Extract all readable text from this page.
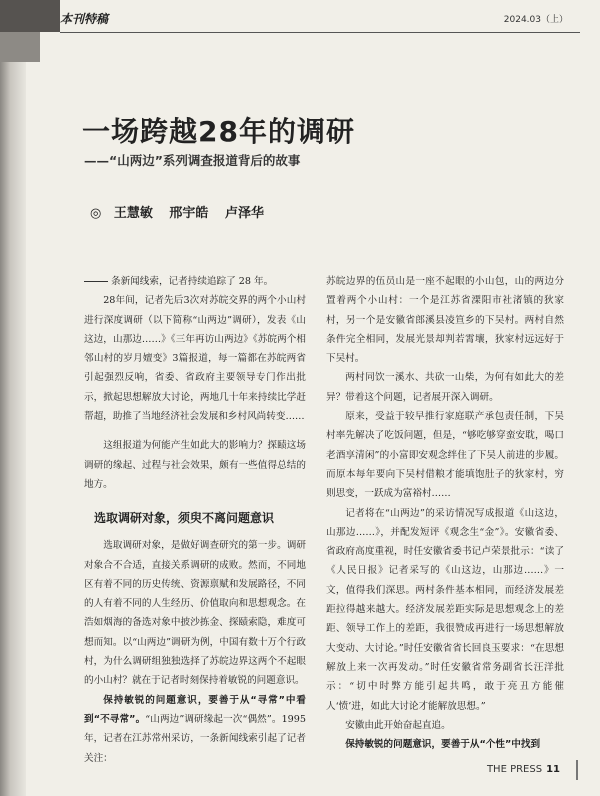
本刊特稿	2024.03（上）
一场跨越28年的调研
——“山两边”系列调查报道背后的故事
◎ 王慧敏 邢宇皓 卢泽华

条新闻线索，记者持续追踪了 28 年。

28年间，记者先后3次对苏皖交界的两个小山村进行深度调研（以下简称“山两边”调研），发表《山这边，山那边……》《三年再访山两边》《苏皖两个相邻山村的岁月嬗变》3篇报道，每一篇都在苏皖两省引起强烈反响，省委、省政府主要领导专门作出批示，掀起思想解放大讨论，两地几十年来持续比学赶帮超，助推了当地经济社会发展和乡村风尚转变……

这组报道为何能产生如此大的影响力？探赜这场调研的缘起、过程与社会效果，颇有一些值得总结的地方。

选取调研对象，须臾不离问题意识

选取调研对象，是做好调查研究的第一步。调研对象合不合适，直接关系调研的成败。然而，不同地区有着不同的历史传统、资源禀赋和发展路径，不同的人有着不同的人生经历、价值取向和思想观念。在浩如烟海的备选对象中披沙拣金、探赜索隐，难度可想而知。以“山两边”调研为例，中国有数十万个行政村，为什么调研组独独选择了苏皖边界这两个不起眼的小山村？就在于记者时刻保持着敏锐的问题意识。

保持敏锐的问题意识，要善于从“寻常”中看到“不寻常”。“山两边”调研缘起一次“偶然”。1995 年，记者在江苏常州采访，一条新闻线索引起了记者关注：

苏皖边界的伍员山是一座不起眼的小山包，山的两边分置着两个小山村：一个是江苏省溧阳市社渚镇的狄家村，另一个是安徽省郎溪县凌笪乡的下吴村。两村自然条件完全相同，发展光景却判若霄壤，狄家村远远好于下吴村。

两村同饮一溪水、共砍一山柴，为何有如此大的差异？带着这个问题，记者展开深入调研。

原来，受益于较早推行家庭联产承包责任制，下吴村率先解决了吃饭问题，但是，“够吃够穿蛮安耽，喝口老酒享清闲”的小富即安观念绊住了下吴人前进的步履。而原本每年要向下吴村借粮才能填饱肚子的狄家村，穷则思变，一跃成为富裕村……

记者将在“山两边”的采访情况写成报道《山这边，山那边……》，并配发短评《观念生“金”》。安徽省委、省政府高度重视，时任安徽省委书记卢荣景批示：“读了《人民日报》记者采写的《山这边，山那边……》一文，值得我们深思。两村条件基本相同，而经济发展差距拉得越来越大。经济发展差距实际是思想观念上的差距、领导工作上的差距，我很赞成再进行一场思想解放大变动、大讨论。”时任安徽省省长回良玉要求：“在思想解放上来一次再发动。”时任安徽省常务副省长汪洋批示：“切中时弊方能引起共鸣，敢于亮丑方能催人‘愤’进，如此大讨论才能解放思想。”

安徽由此开始奋起直追。

保持敏锐的问题意识，要善于从“个性”中找到

THE PRESS 11
